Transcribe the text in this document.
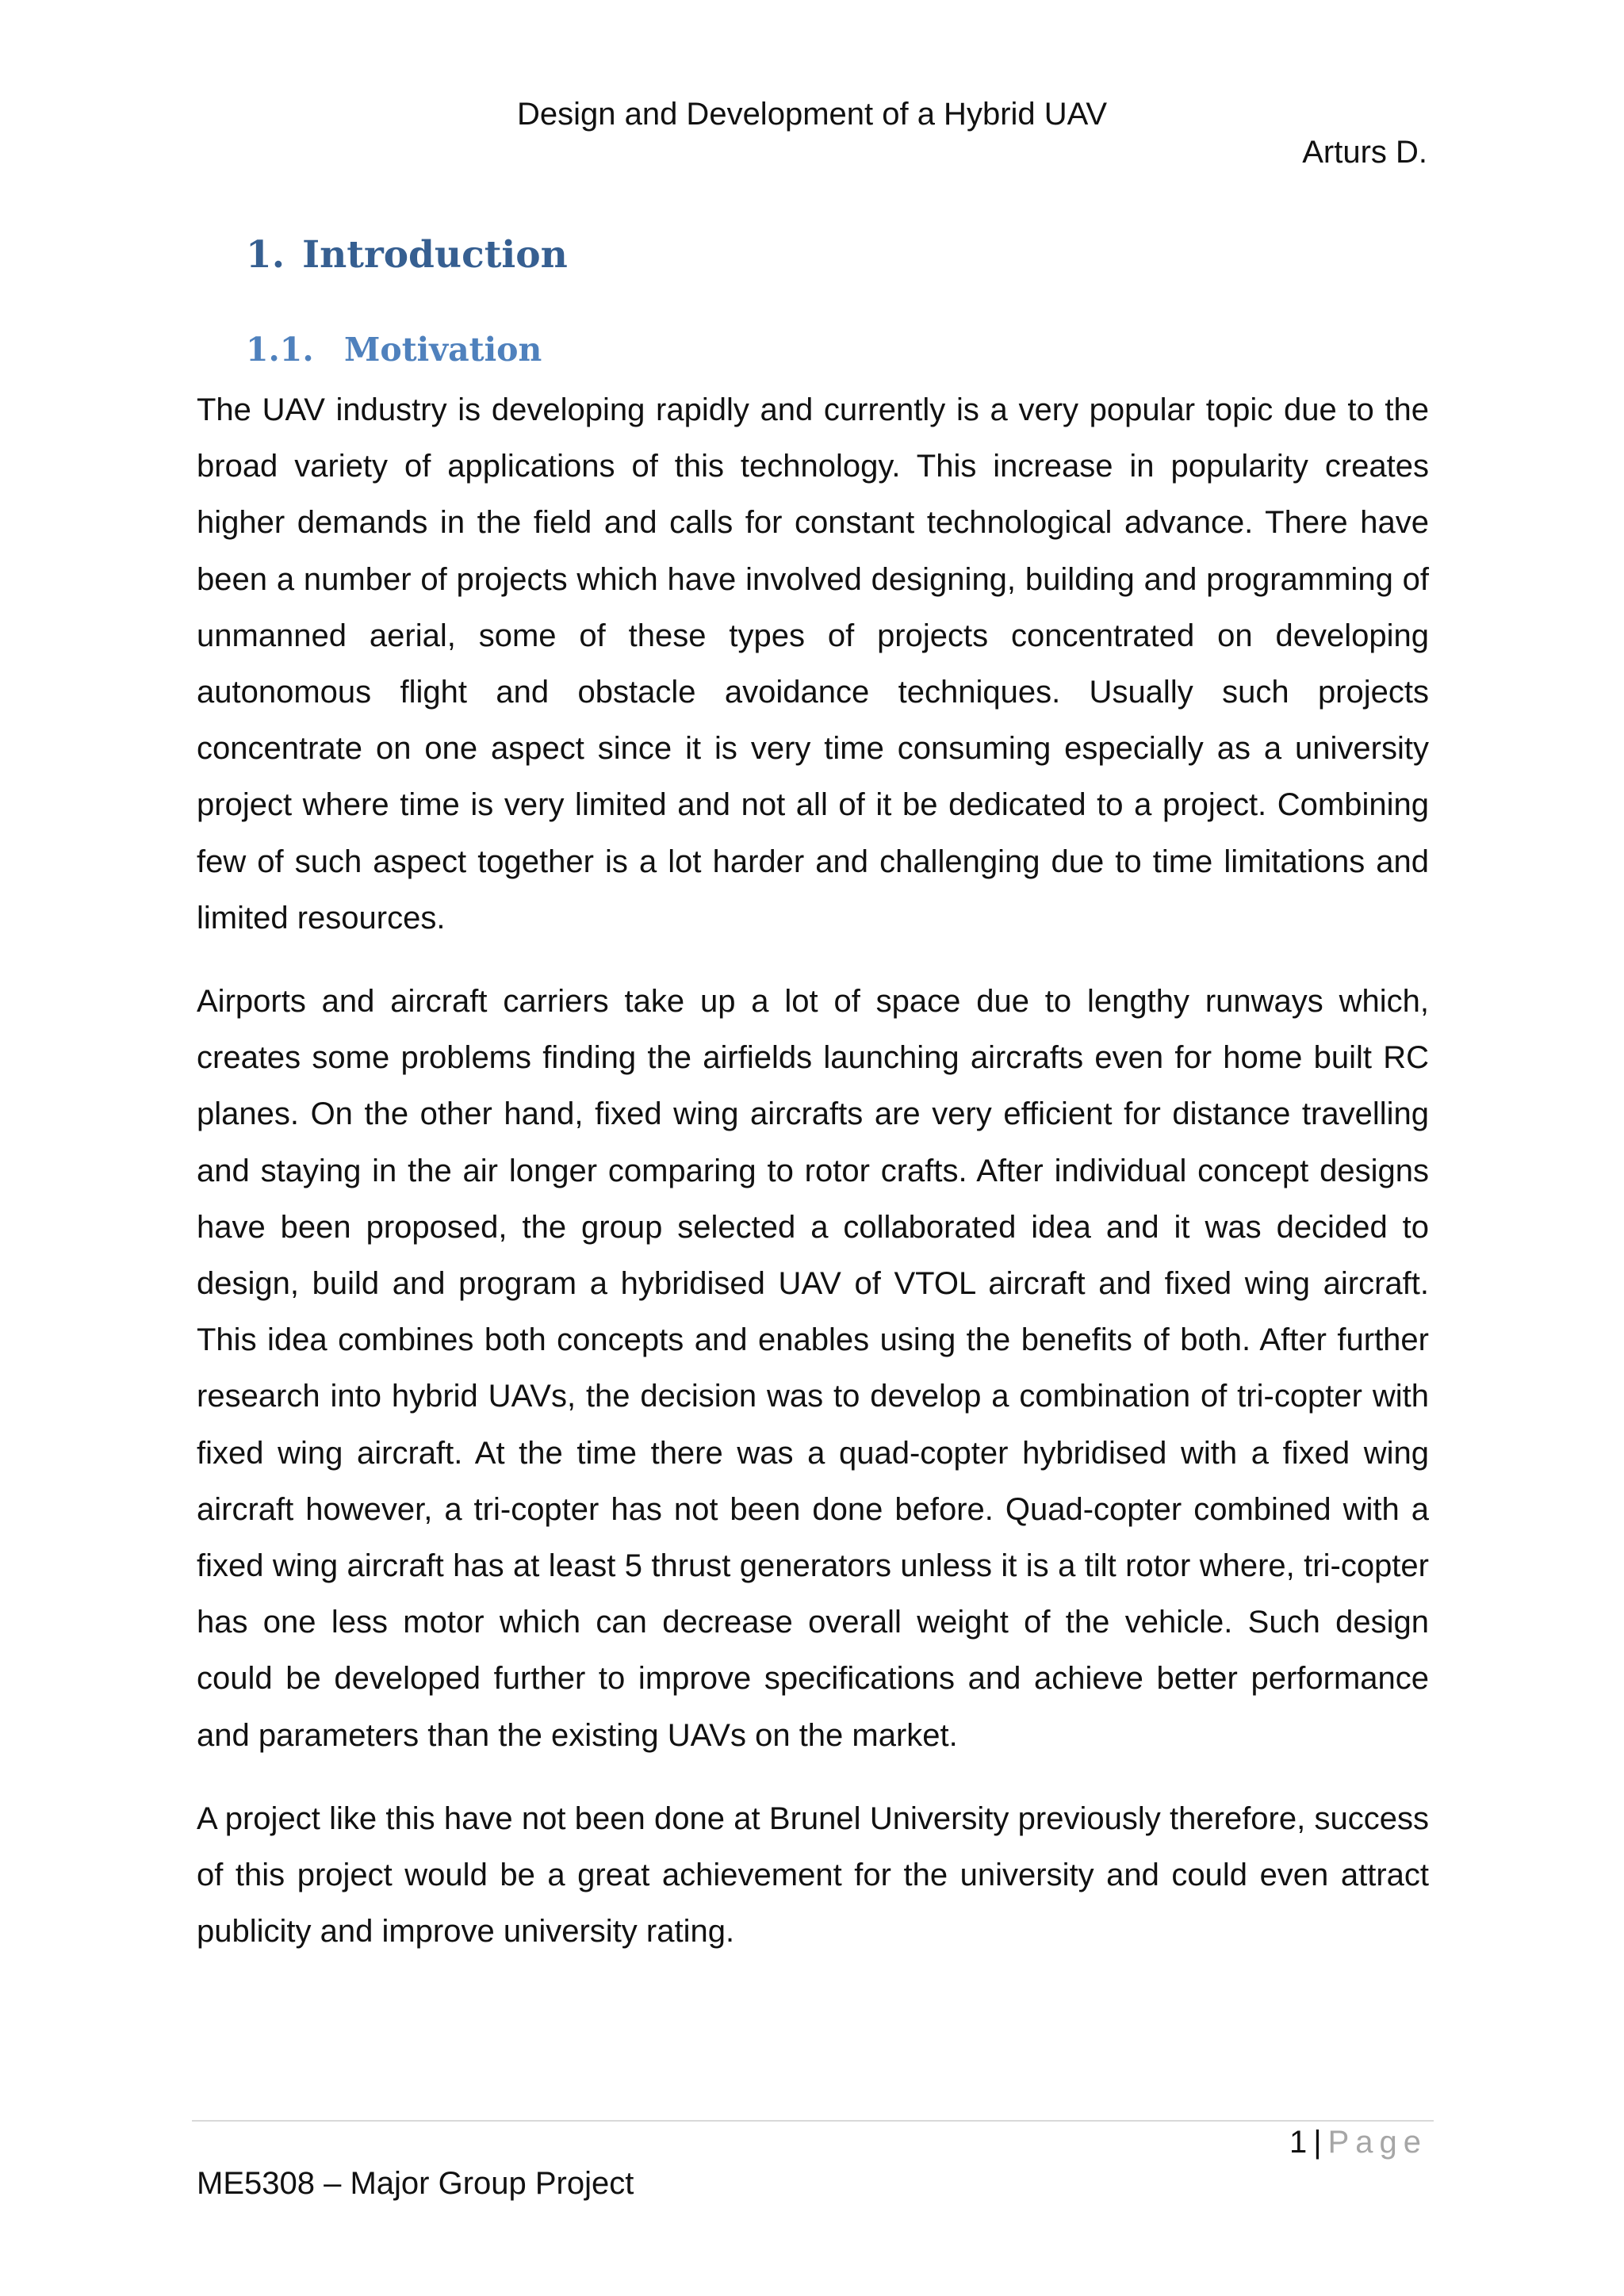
Design and Development of a Hybrid UAV
Arturs D.
1. Introduction
1.1. Motivation

The UAV industry is developing rapidly and currently is a very popular topic due to the broad variety of applications of this technology. This increase in popularity creates higher demands in the field and calls for constant technological advance. There have been a number of projects which have involved designing, building and programming of unmanned aerial, some of these types of projects concentrated on developing autonomous flight and obstacle avoidance techniques. Usually such projects concentrate on one aspect since it is very time consuming especially as a university project where time is very limited and not all of it be dedicated to a project. Combining few of such aspect together is a lot harder and challenging due to time limitations and limited resources.

Airports and aircraft carriers take up a lot of space due to lengthy runways which, creates some problems finding the airfields launching aircrafts even for home built RC planes. On the other hand, fixed wing aircrafts are very efficient for distance travelling and staying in the air longer comparing to rotor crafts. After individual concept designs have been proposed, the group selected a collaborated idea and it was decided to design, build and program a hybridised UAV of VTOL aircraft and fixed wing aircraft. This idea combines both concepts and enables using the benefits of both. After further research into hybrid UAVs, the decision was to develop a combination of tri-copter with fixed wing aircraft. At the time there was a quad-copter hybridised with a fixed wing aircraft however, a tri-copter has not been done before. Quad-copter combined with a fixed wing aircraft has at least 5 thrust generators unless it is a tilt rotor where, tri-copter has one less motor which can decrease overall weight of the vehicle. Such design could be developed further to improve specifications and achieve better performance and parameters than the existing UAVs on the market.

A project like this have not been done at Brunel University previously therefore, success of this project would be a great achievement for the university and could even attract publicity and improve university rating.

1 | Page
ME5308 – Major Group Project
